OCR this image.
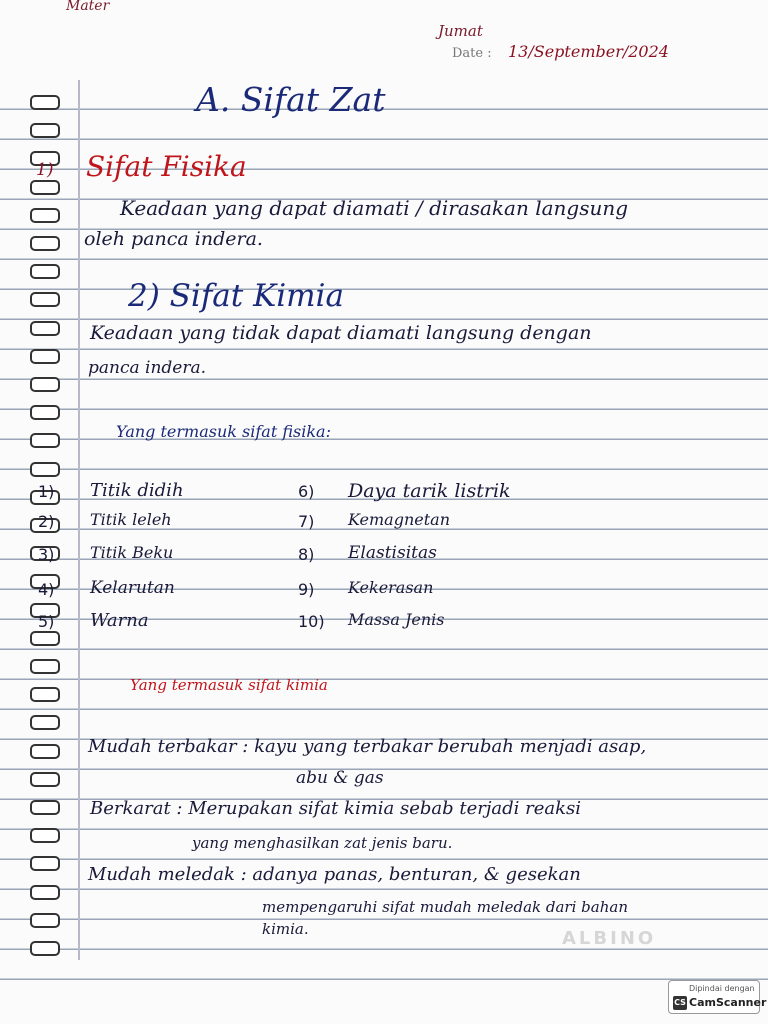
Mater
Jumat
Date : 13/September/2024
A. Sifat Zat
1) Sifat Fisika
Keadaan yang dapat diamati / dirasakan langsung
oleh panca indera.
2) Sifat Kimia
Keadaan yang tidak dapat diamati langsung dengan
panca indera.
Yang termasuk sifat fisika:
1) Titik didih
2) Titik leleh
3) Titik Beku
4) Kelarutan
5) Warna
6) Daya tarik listrik
7) Kemagnetan
8) Elastisitas
9) Kekerasan
10) Massa Jenis
Yang termasuk sifat kimia
Mudah terbakar : kayu yang terbakar berubah menjadi asap,
abu & gas
Berkarat : Merupakan sifat kimia sebab terjadi reaksi
yang menghasilkan zat jenis baru.
Mudah meledak : adanya panas, benturan, & gesekan
mempengaruhi sifat mudah meledak dari bahan
kimia.	ALBINO
Dipindai dengan
CS CamScanner
